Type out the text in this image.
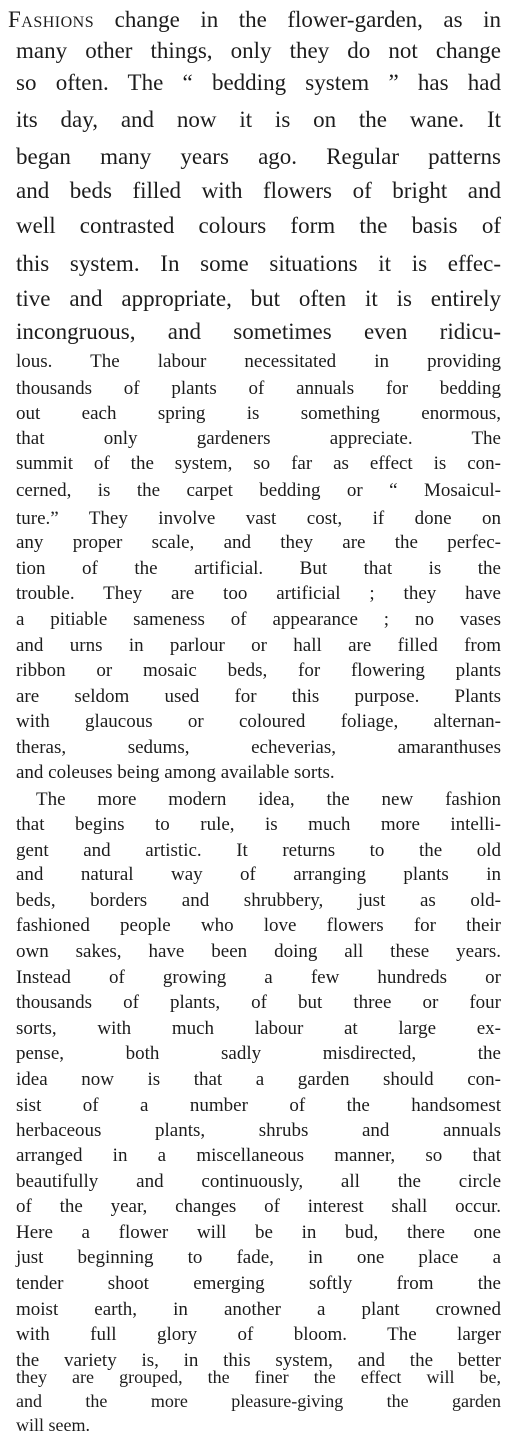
Fashions change in the flower-garden, as in
many other things, only they do not change
so often. The “ bedding system ” has had
its day, and now it is on the wane. It
began many years ago. Regular patterns
and beds filled with flowers of bright and
well contrasted colours form the basis of
this system. In some situations it is effec-
tive and appropriate, but often it is entirely
incongruous, and sometimes even ridicu-
lous. The labour necessitated in providing
thousands of plants of annuals for bedding
out each spring is something enormous,
that only gardeners appreciate. The
summit of the system, so far as effect is con-
cerned, is the carpet bedding or “ Mosaicul-
ture.” They involve vast cost, if done on
any proper scale, and they are the perfec-
tion of the artificial. But that is the
trouble. They are too artificial ; they have
a pitiable sameness of appearance ; no vases
and urns in parlour or hall are filled from
ribbon or mosaic beds, for flowering plants
are seldom used for this purpose. Plants
with glaucous or coloured foliage, alternan-
theras, sedums, echeverias, amaranthuses
and coleuses being among available sorts.
The more modern idea, the new fashion
that begins to rule, is much more intelli-
gent and artistic. It returns to the old
and natural way of arranging plants in
beds, borders and shrubbery, just as old-
fashioned people who love flowers for their
own sakes, have been doing all these years.
Instead of growing a few hundreds or
thousands of plants, of but three or four
sorts, with much labour at large ex-
pense, both sadly misdirected, the
idea now is that a garden should con-
sist of a number of the handsomest
herbaceous plants, shrubs and annuals
arranged in a miscellaneous manner, so that
beautifully and continuously, all the circle
of the year, changes of interest shall occur.
Here a flower will be in bud, there one
just beginning to fade, in one place a
tender shoot emerging softly from the
moist earth, in another a plant crowned
with full glory of bloom. The larger
the variety is, in this system, and the better
they are grouped, the finer the effect will be,
and the more pleasure-giving the garden
will seem.
